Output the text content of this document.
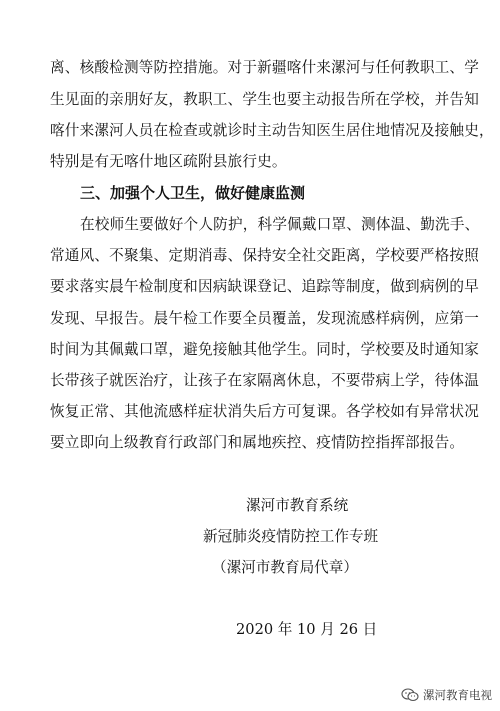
离、核酸检测等防控措施。对于新疆喀什来漯河与任何教职工、学
生见面的亲朋好友，教职工、学生也要主动报告所在学校，并告知
喀什来漯河人员在检查或就诊时主动告知医生居住地情况及接触史，
特别是有无喀什地区疏附县旅行史。
三、加强个人卫生，做好健康监测
在校师生要做好个人防护，科学佩戴口罩、测体温、勤洗手、
常通风、不聚集、定期消毒、保持安全社交距离，学校要严格按照
要求落实晨午检制度和因病缺课登记、追踪等制度，做到病例的早
发现、早报告。晨午检工作要全员覆盖，发现流感样病例，应第一
时间为其佩戴口罩，避免接触其他学生。同时，学校要及时通知家
长带孩子就医治疗，让孩子在家隔离休息，不要带病上学，待体温
恢复正常、其他流感样症状消失后方可复课。各学校如有异常状况
要立即向上级教育行政部门和属地疾控、疫情防控指挥部报告。
漯河市教育系统
新冠肺炎疫情防控工作专班
（漯河市教育局代章）
2020 年 10 月 26 日
漯河教育电视
